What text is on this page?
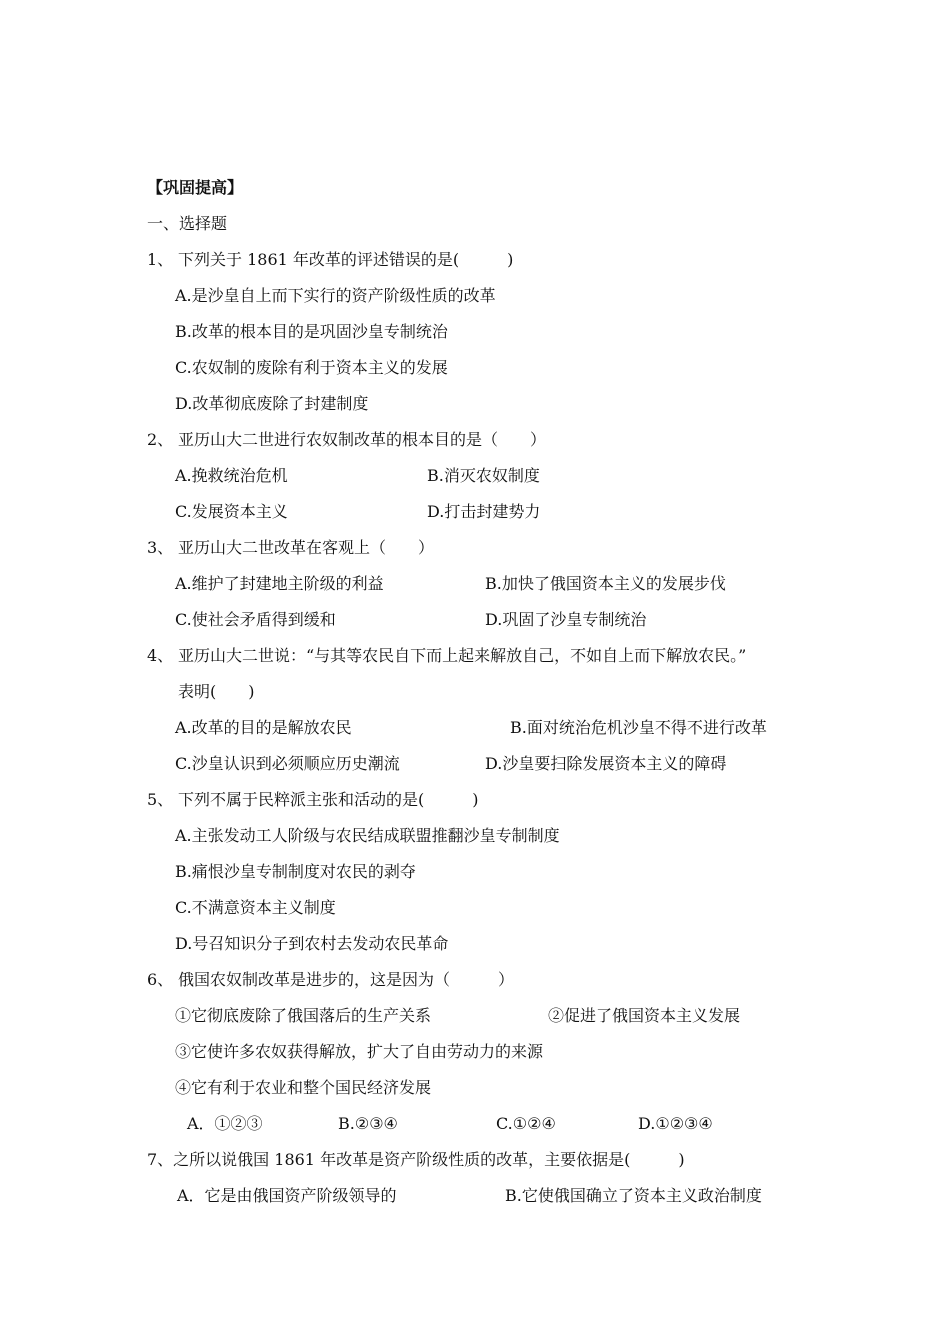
【巩固提高】
一、选择题
1、 下列关于 1861 年改革的评述错误的是(　　　)
A.是沙皇自上而下实行的资产阶级性质的改革
B.改革的根本目的是巩固沙皇专制统治
C.农奴制的废除有利于资本主义的发展
D.改革彻底废除了封建制度
2、 亚历山大二世进行农奴制改革的根本目的是（　　）
A.挽救统治危机	B.消灭农奴制度
C.发展资本主义	D.打击封建势力
3、 亚历山大二世改革在客观上（　　）
A.维护了封建地主阶级的利益	B.加快了俄国资本主义的发展步伐
C.使社会矛盾得到缓和	D.巩固了沙皇专制统治
4、 亚历山大二世说：“与其等农民自下而上起来解放自己，不如自上而下解放农民。”
表明(　　)
A.改革的目的是解放农民	B.面对统治危机沙皇不得不进行改革
C.沙皇认识到必须顺应历史潮流	D.沙皇要扫除发展资本主义的障碍
5、 下列不属于民粹派主张和活动的是(　　　)
A.主张发动工人阶级与农民结成联盟推翻沙皇专制制度
B.痛恨沙皇专制制度对农民的剥夺
C.不满意资本主义制度
D.号召知识分子到农村去发动农民革命
6、 俄国农奴制改革是进步的，这是因为（　　　）
①它彻底废除了俄国落后的生产关系	②促进了俄国资本主义发展
③它使许多农奴获得解放，扩大了自由劳动力的来源
④它有利于农业和整个国民经济发展
A．①②③	B.②③④	C.①②④	D.①②③④
7、之所以说俄国 1861 年改革是资产阶级性质的改革，主要依据是(　　　)
A．它是由俄国资产阶级领导的	B.它使俄国确立了资本主义政治制度
